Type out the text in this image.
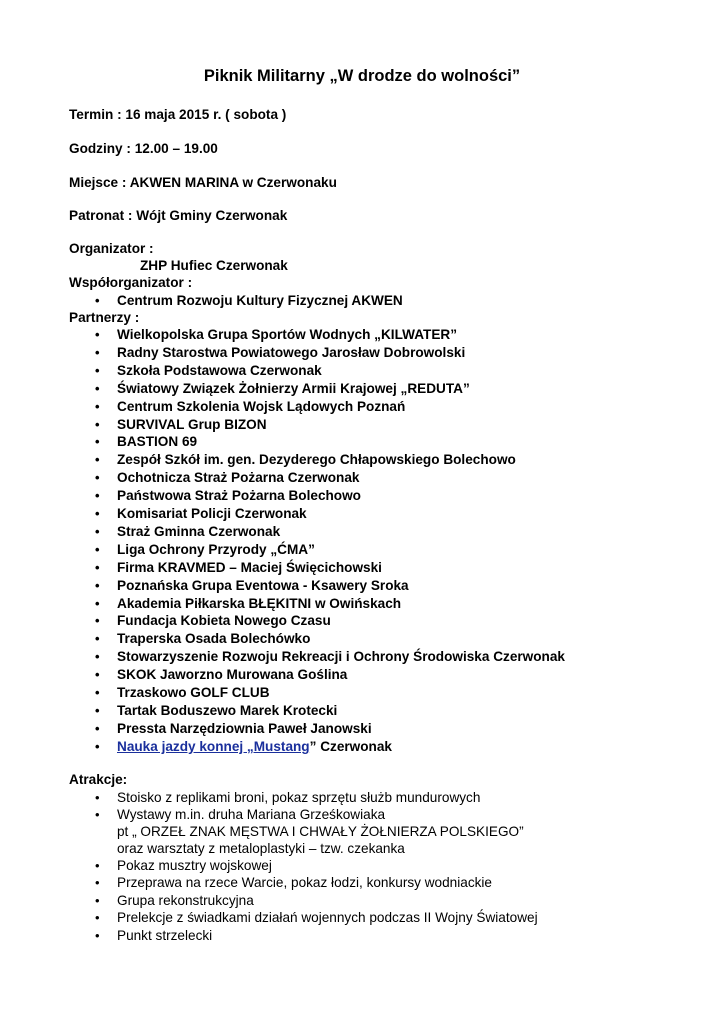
Piknik Militarny „W drodze do wolności”
Termin : 16 maja 2015 r. ( sobota )
Godziny : 12.00 – 19.00
Miejsce : AKWEN MARINA w Czerwonaku
Patronat : Wójt Gminy Czerwonak
Organizator :
ZHP Hufiec Czerwonak
Współorganizator :
• Centrum Rozwoju Kultury Fizycznej AKWEN
Partnerzy :
• Wielkopolska Grupa Sportów Wodnych „KILWATER”
• Radny Starostwa Powiatowego Jarosław Dobrowolski
• Szkoła Podstawowa Czerwonak
• Światowy Związek Żołnierzy Armii Krajowej „REDUTA”
• Centrum Szkolenia Wojsk Lądowych Poznań
• SURVIVAL Grup BIZON
• BASTION 69
• Zespół Szkół im. gen. Dezyderego Chłapowskiego Bolechowo
• Ochotnicza Straż Pożarna Czerwonak
• Państwowa Straż Pożarna Bolechowo
• Komisariat Policji Czerwonak
• Straż Gminna Czerwonak
• Liga Ochrony Przyrody „ĆMA”
• Firma KRAVMED – Maciej Święcichowski
• Poznańska Grupa Eventowa - Ksawery Sroka
• Akademia Piłkarska BŁĘKITNI w Owińskach
• Fundacja Kobieta Nowego Czasu
• Traperska Osada Bolechówko
• Stowarzyszenie Rozwoju Rekreacji i Ochrony Środowiska Czerwonak
• SKOK Jaworzno Murowana Goślina
• Trzaskowo GOLF CLUB
• Tartak Boduszewo Marek Krotecki
• Pressta Narzędziownia Paweł Janowski
• Nauka jazdy konnej „Mustang” Czerwonak
Atrakcje:
• Stoisko z replikami broni, pokaz sprzętu służb mundurowych
• Wystawy m.in. druha Mariana Grześkowiaka
pt „ ORZEŁ ZNAK MĘSTWA I CHWAŁY ŻOŁNIERZA POLSKIEGO”
oraz warsztaty z metaloplastyki – tzw. czekanka
• Pokaz musztry wojskowej
• Przeprawa na rzece Warcie, pokaz łodzi, konkursy wodniackie
• Grupa rekonstrukcyjna
• Prelekcje z świadkami działań wojennych podczas II Wojny Światowej
• Punkt strzelecki
